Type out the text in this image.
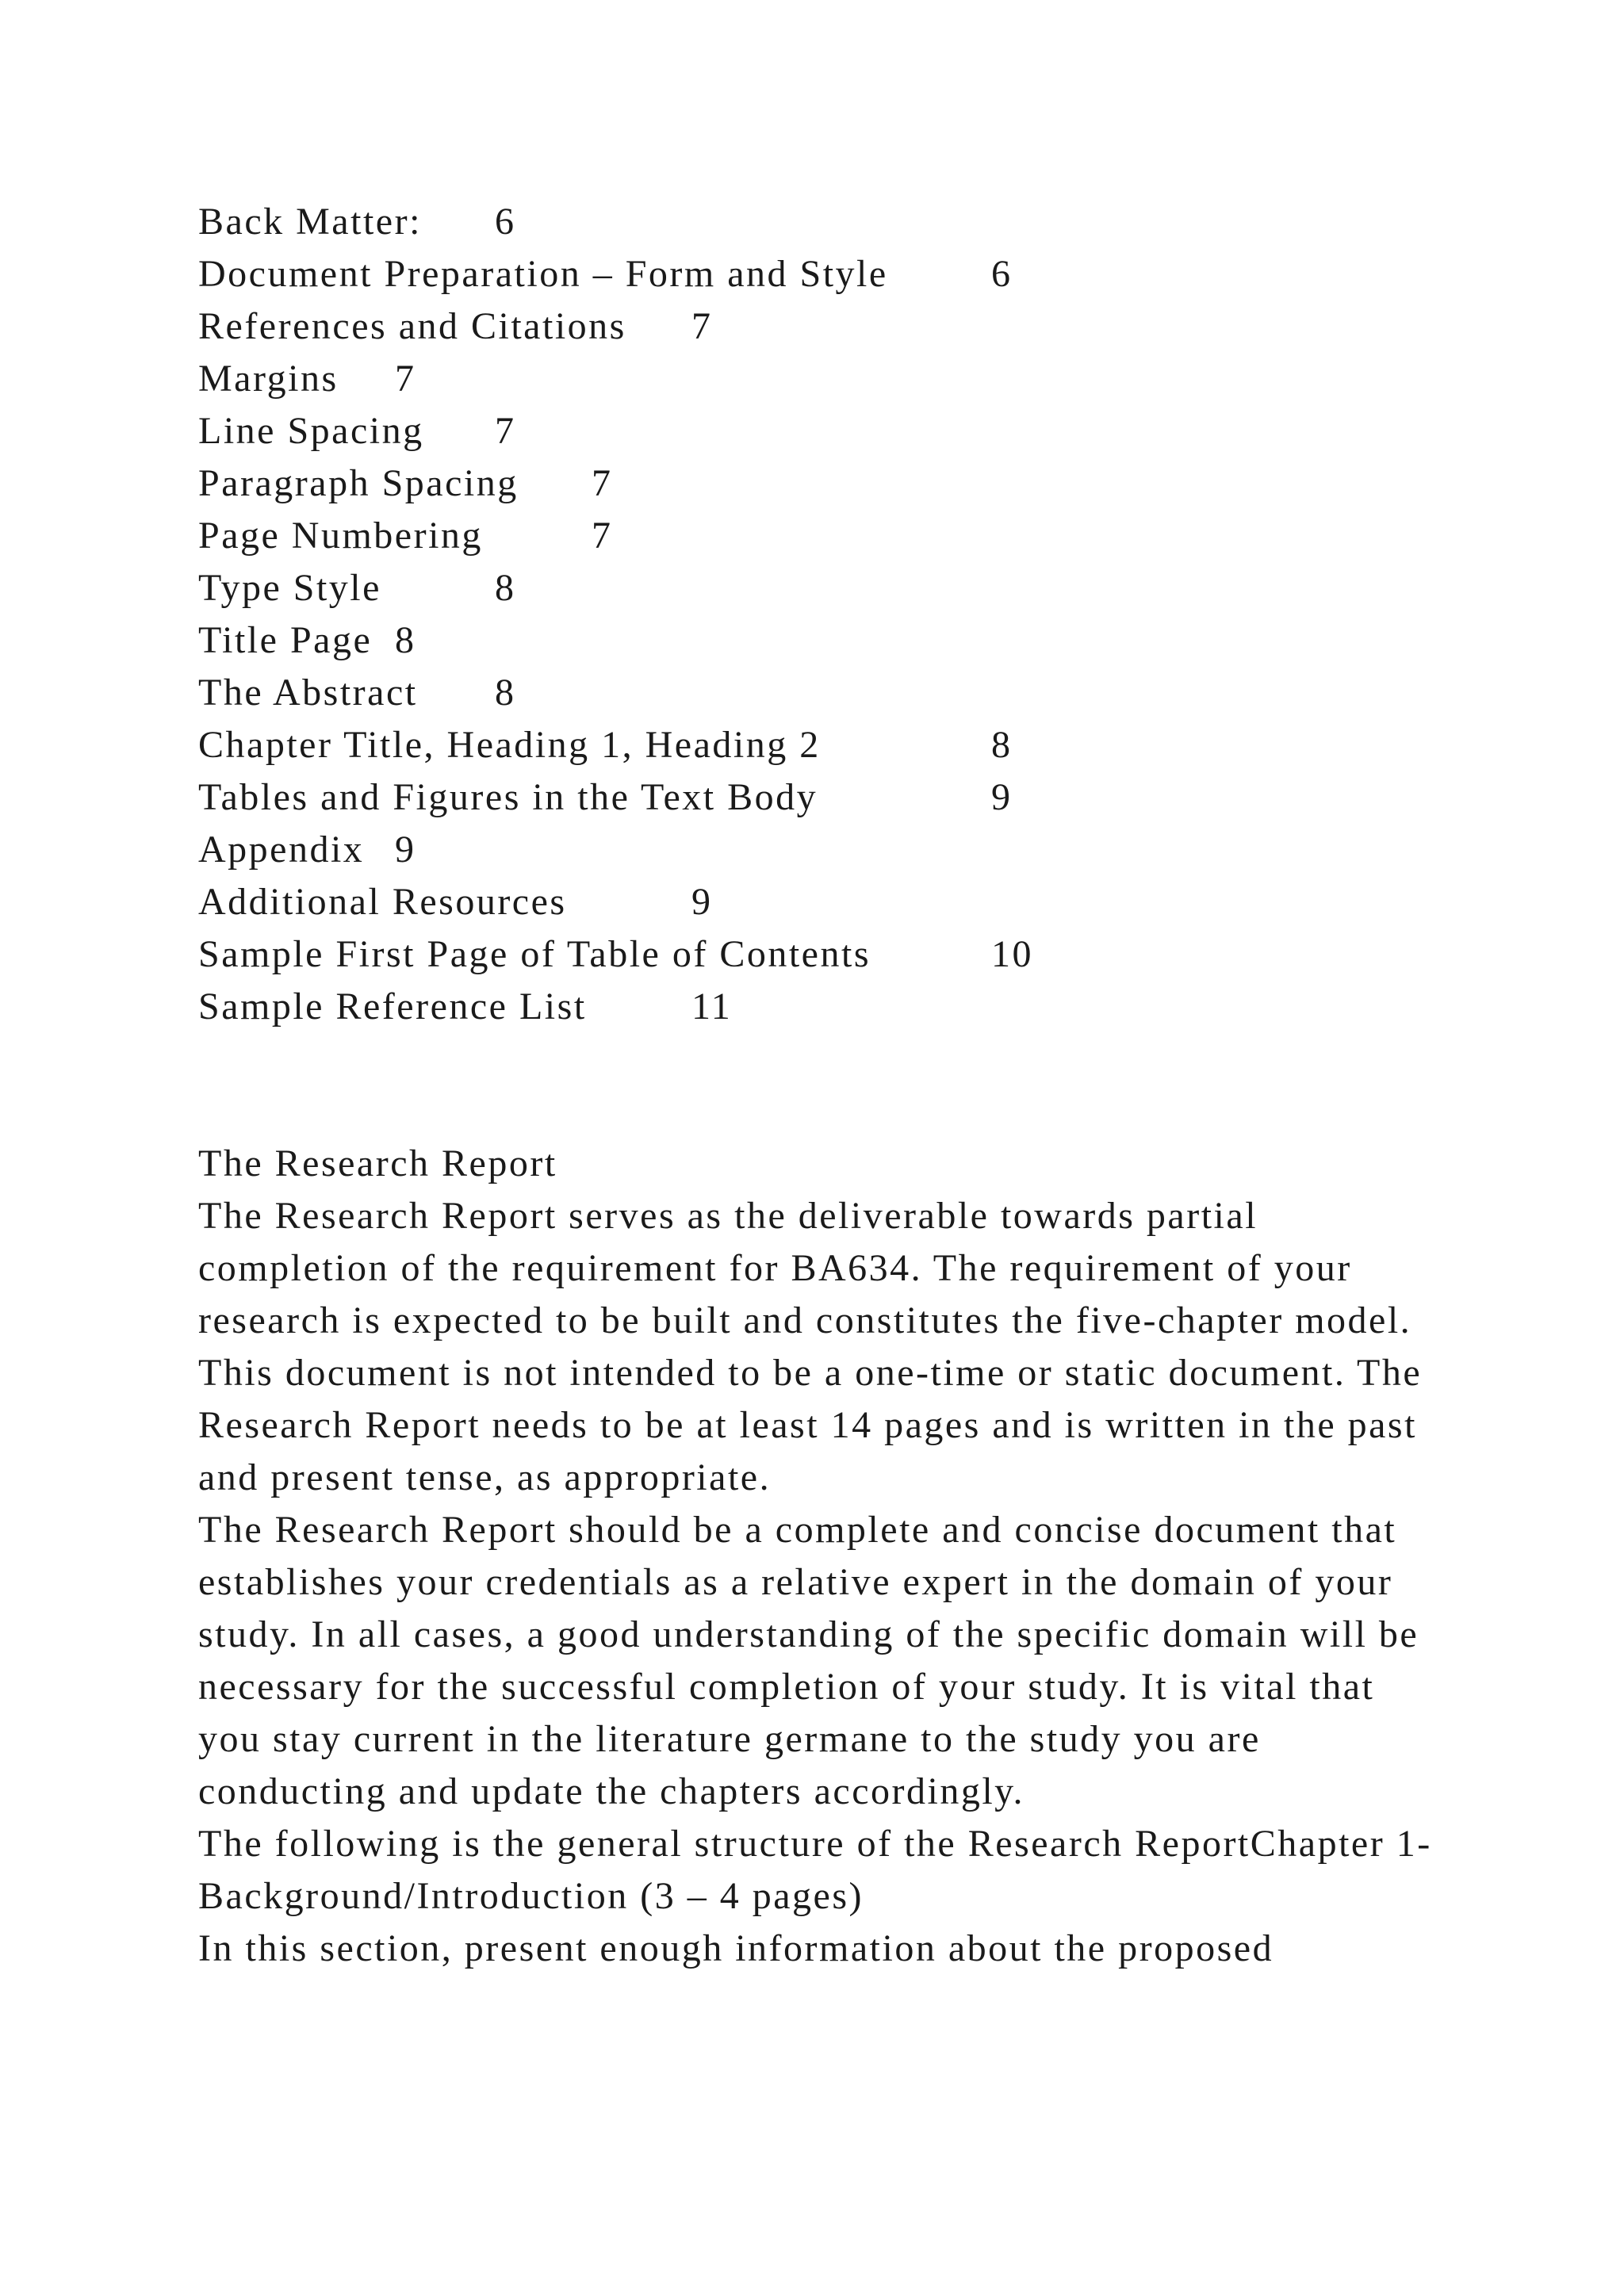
Back Matter: 6
Document Preparation – Form and Style	6
References and Citations 7
Margins 7
Line Spacing 7
Paragraph Spacing 7
Page Numbering	7
Type Style	8
Title Page 8
The Abstract 8
Chapter Title, Heading 1, Heading 2	8
Tables and Figures in the Text Body	9
Appendix 9
Additional Resources	9
Sample First Page of Table of Contents	10
Sample Reference List	11

The Research Report

The Research Report serves as the deliverable towards partial completion of the requirement for BA634. The requirement of your research is expected to be built and constitutes the five-chapter model. This document is not intended to be a one-time or static document. The Research Report needs to be at least 14 pages and is written in the past and present tense, as appropriate.

The Research Report should be a complete and concise document that establishes your credentials as a relative expert in the domain of your study. In all cases, a good understanding of the specific domain will be necessary for the successful completion of your study. It is vital that you stay current in the literature germane to the study you are conducting and update the chapters accordingly.

The following is the general structure of the Research ReportChapter 1- Background/Introduction (3 – 4 pages)

In this section, present enough information about the proposed
